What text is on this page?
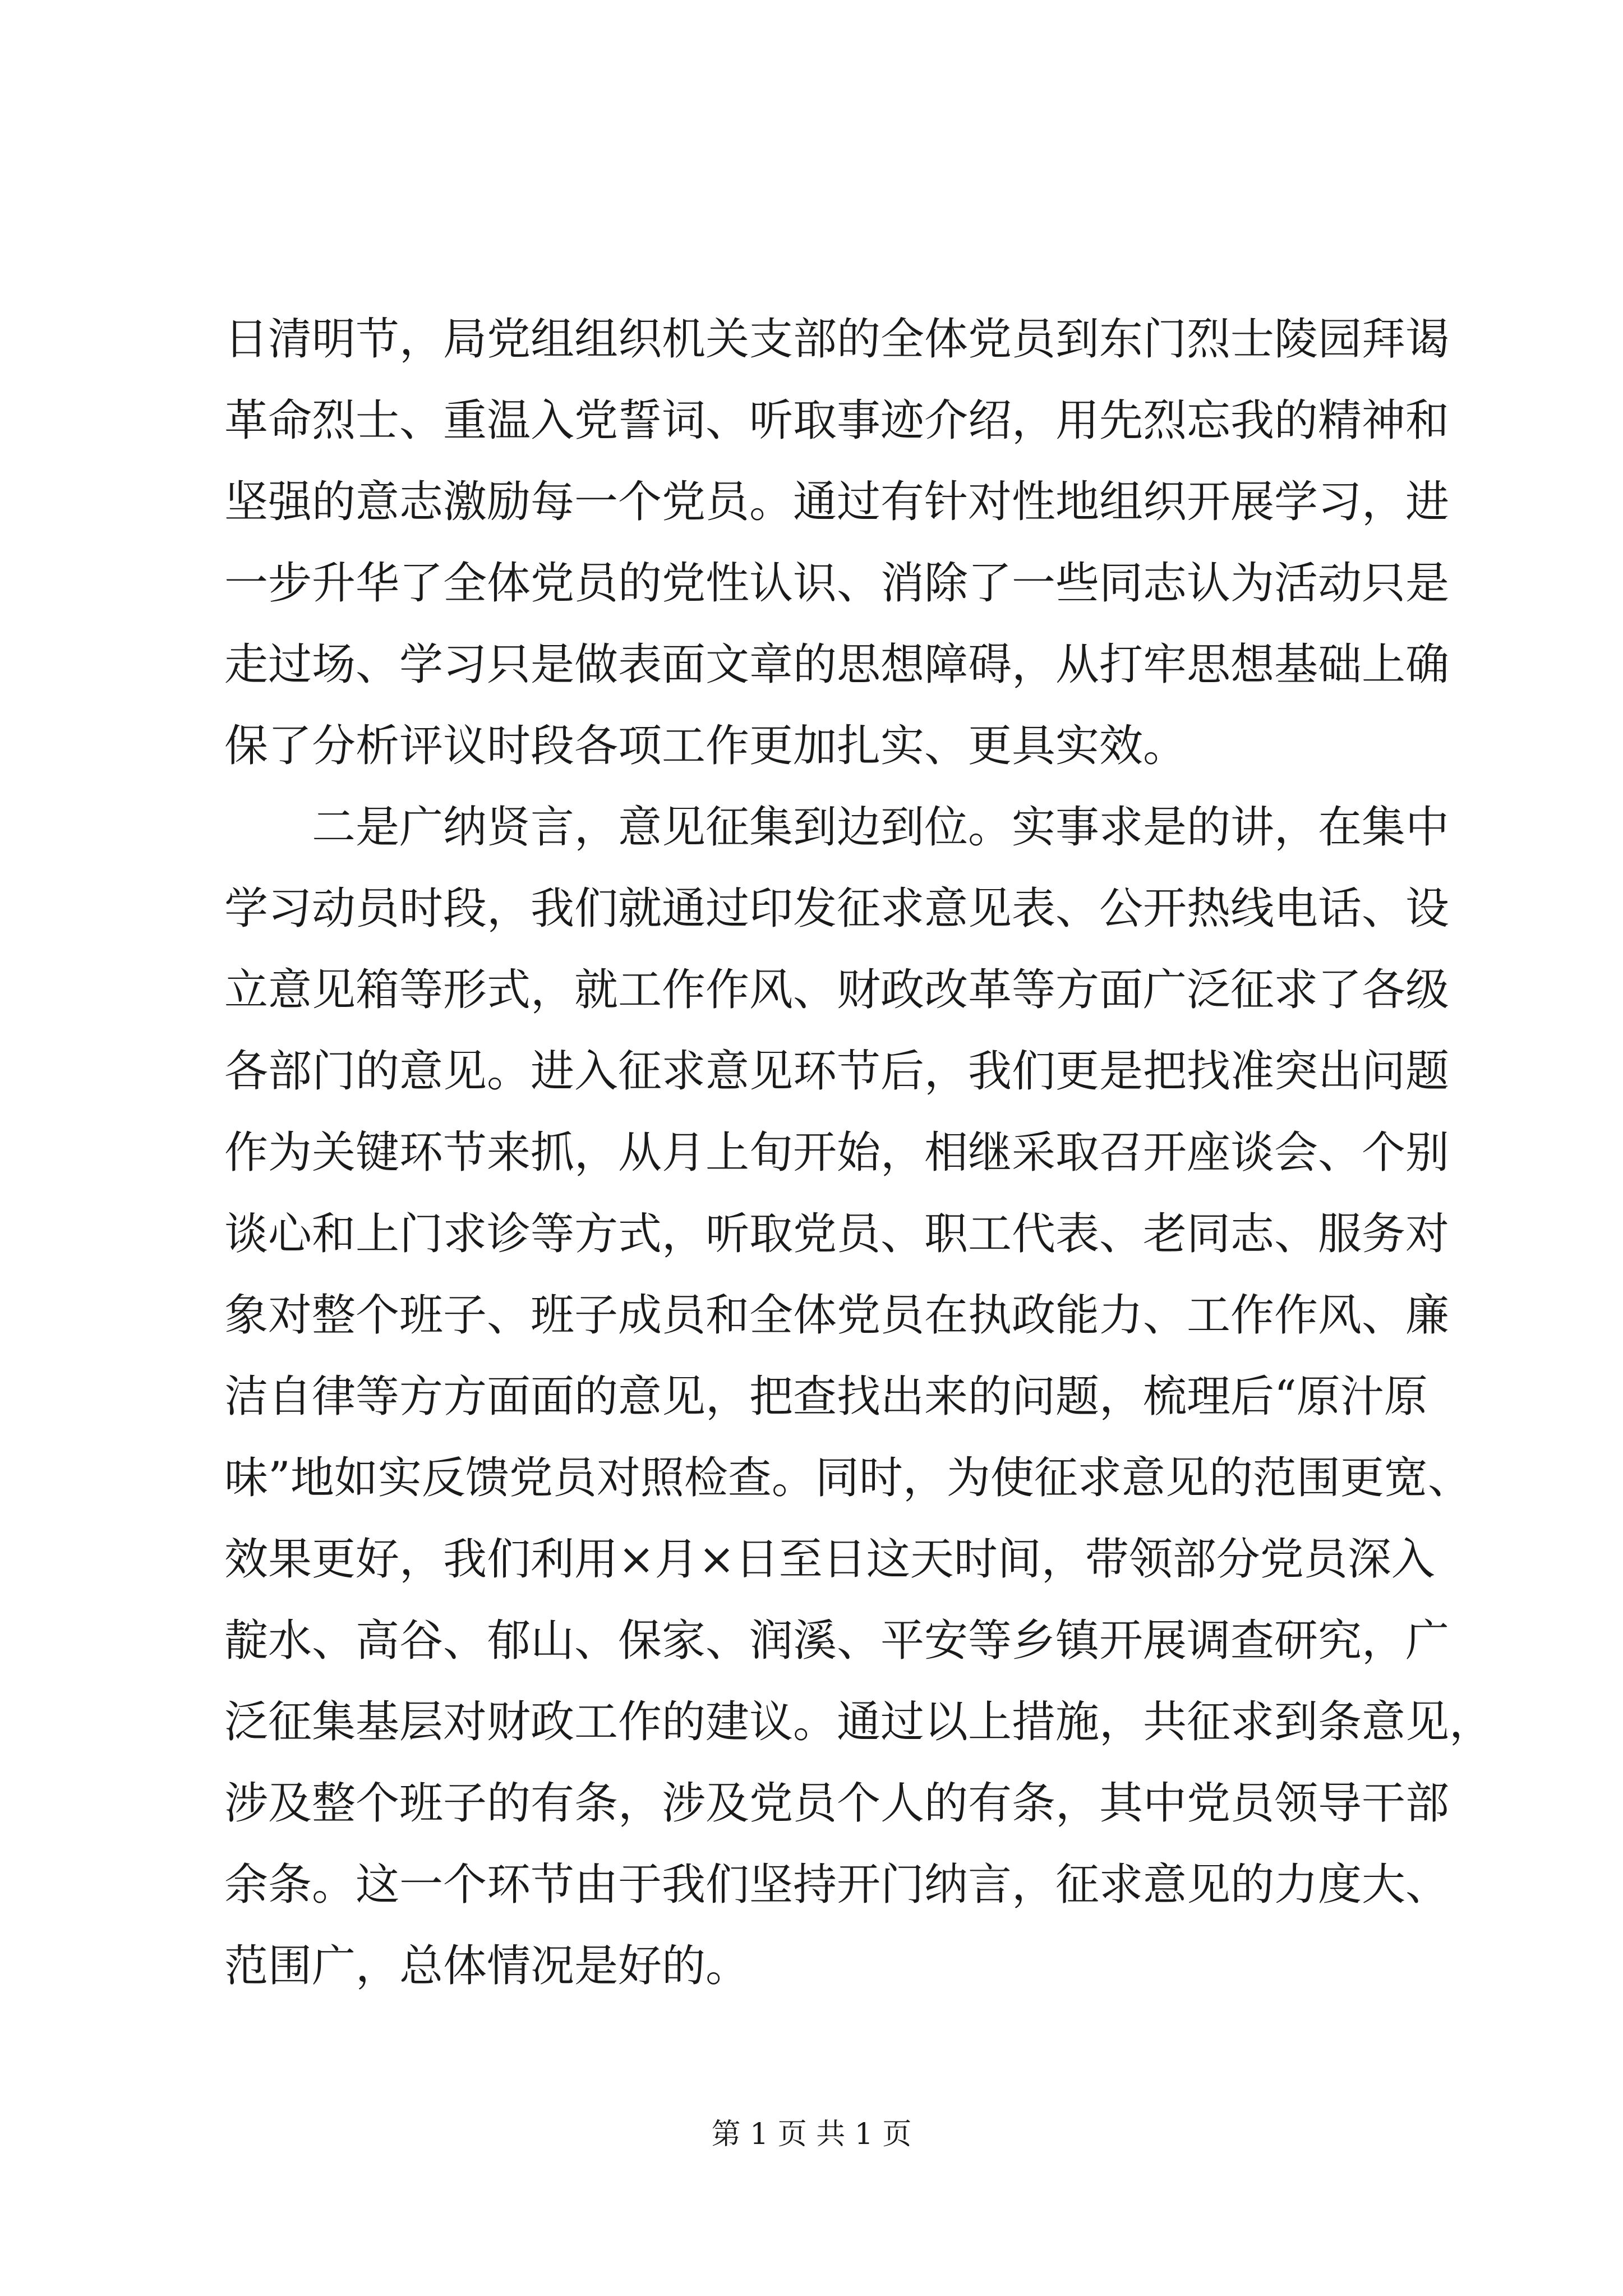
日清明节，局党组组织机关支部的全体党员到东门烈士陵园拜谒
革命烈士、重温入党誓词、听取事迹介绍，用先烈忘我的精神和
坚强的意志激励每一个党员。通过有针对性地组织开展学习，进
一步升华了全体党员的党性认识、消除了一些同志认为活动只是
走过场、学习只是做表面文章的思想障碍，从打牢思想基础上确
保了分析评议时段各项工作更加扎实、更具实效。
二是广纳贤言，意见征集到边到位。实事求是的讲，在集中
学习动员时段，我们就通过印发征求意见表、公开热线电话、设
立意见箱等形式，就工作作风、财政改革等方面广泛征求了各级
各部门的意见。进入征求意见环节后，我们更是把找准突出问题
作为关键环节来抓，从月上旬开始，相继采取召开座谈会、个别
谈心和上门求诊等方式，听取党员、职工代表、老同志、服务对
象对整个班子、班子成员和全体党员在执政能力、工作作风、廉
洁自律等方方面面的意见，把查找出来的问题，梳理后“原汁原
味”地如实反馈党员对照检查。同时，为使征求意见的范围更宽、
效果更好，我们利用×月×日至日这天时间，带领部分党员深入
靛水、高谷、郁山、保家、润溪、平安等乡镇开展调查研究，广
泛征集基层对财政工作的建议。通过以上措施，共征求到条意见，
涉及整个班子的有条，涉及党员个人的有条，其中党员领导干部
余条。这一个环节由于我们坚持开门纳言，征求意见的力度大、
范围广，总体情况是好的。
第 1 页 共 1 页
